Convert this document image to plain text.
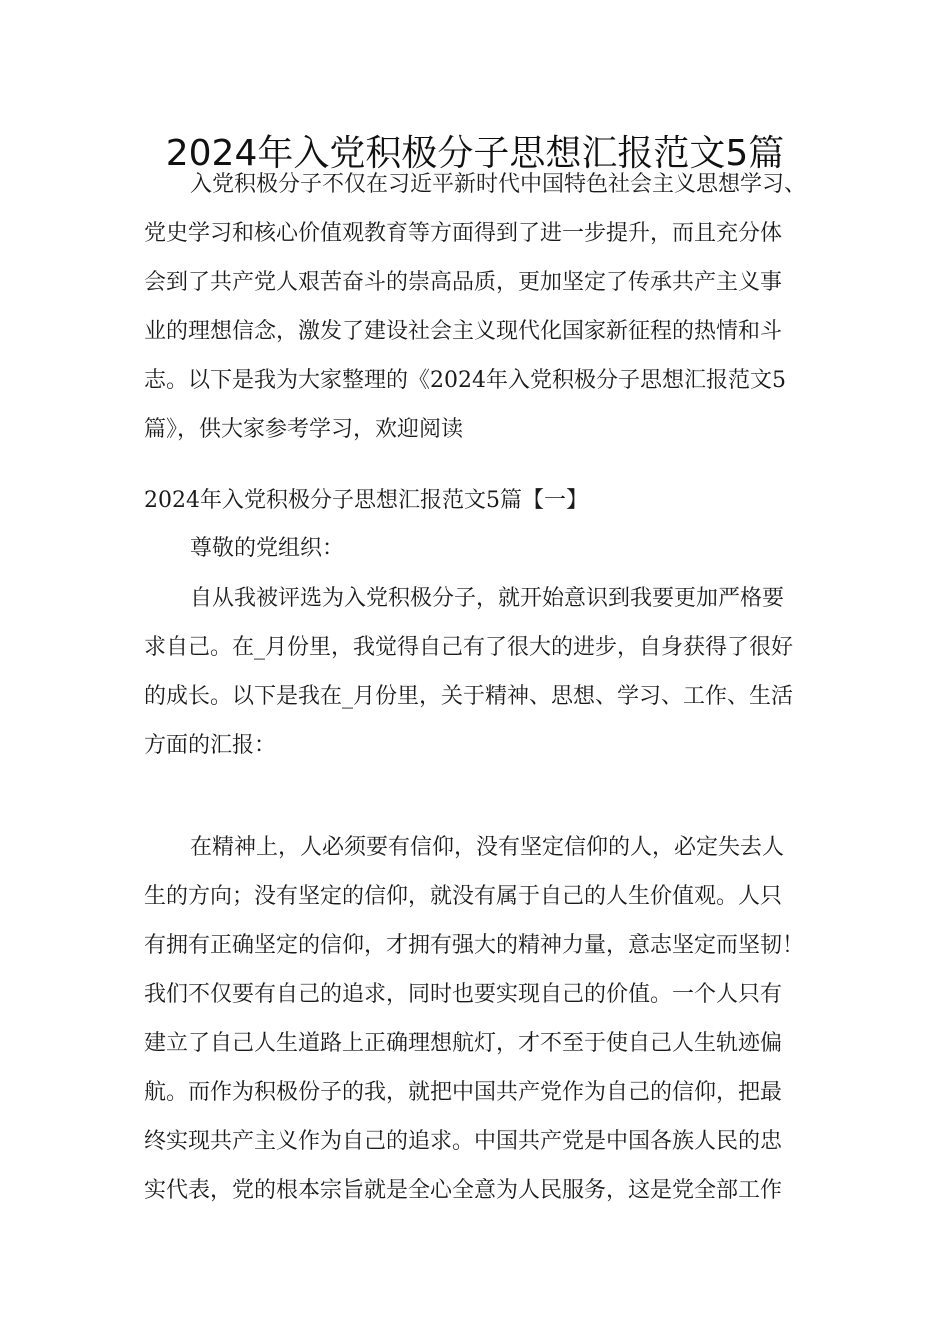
2024年入党积极分子思想汇报范文5篇
入党积极分子不仅在习近平新时代中国特色社会主义思想学习、
党史学习和核心价值观教育等方面得到了进一步提升，而且充分体
会到了共产党人艰苦奋斗的崇高品质，更加坚定了传承共产主义事
业的理想信念，激发了建设社会主义现代化国家新征程的热情和斗
志。以下是我为大家整理的《2024年入党积极分子思想汇报范文5
篇》，供大家参考学习，欢迎阅读
2024年入党积极分子思想汇报范文5篇【一】
尊敬的党组织：
自从我被评选为入党积极分子，就开始意识到我要更加严格要
求自己。在_月份里，我觉得自己有了很大的进步，自身获得了很好
的成长。以下是我在_月份里，关于精神、思想、学习、工作、生活
方面的汇报：
在精神上，人必须要有信仰，没有坚定信仰的人，必定失去人
生的方向；没有坚定的信仰，就没有属于自己的人生价值观。人只
有拥有正确坚定的信仰，才拥有强大的精神力量，意志坚定而坚韧！
我们不仅要有自己的追求，同时也要实现自己的价值。一个人只有
建立了自己人生道路上正确理想航灯，才不至于使自己人生轨迹偏
航。而作为积极份子的我，就把中国共产党作为自己的信仰，把最
终实现共产主义作为自己的追求。中国共产党是中国各族人民的忠
实代表，党的根本宗旨就是全心全意为人民服务，这是党全部工作
